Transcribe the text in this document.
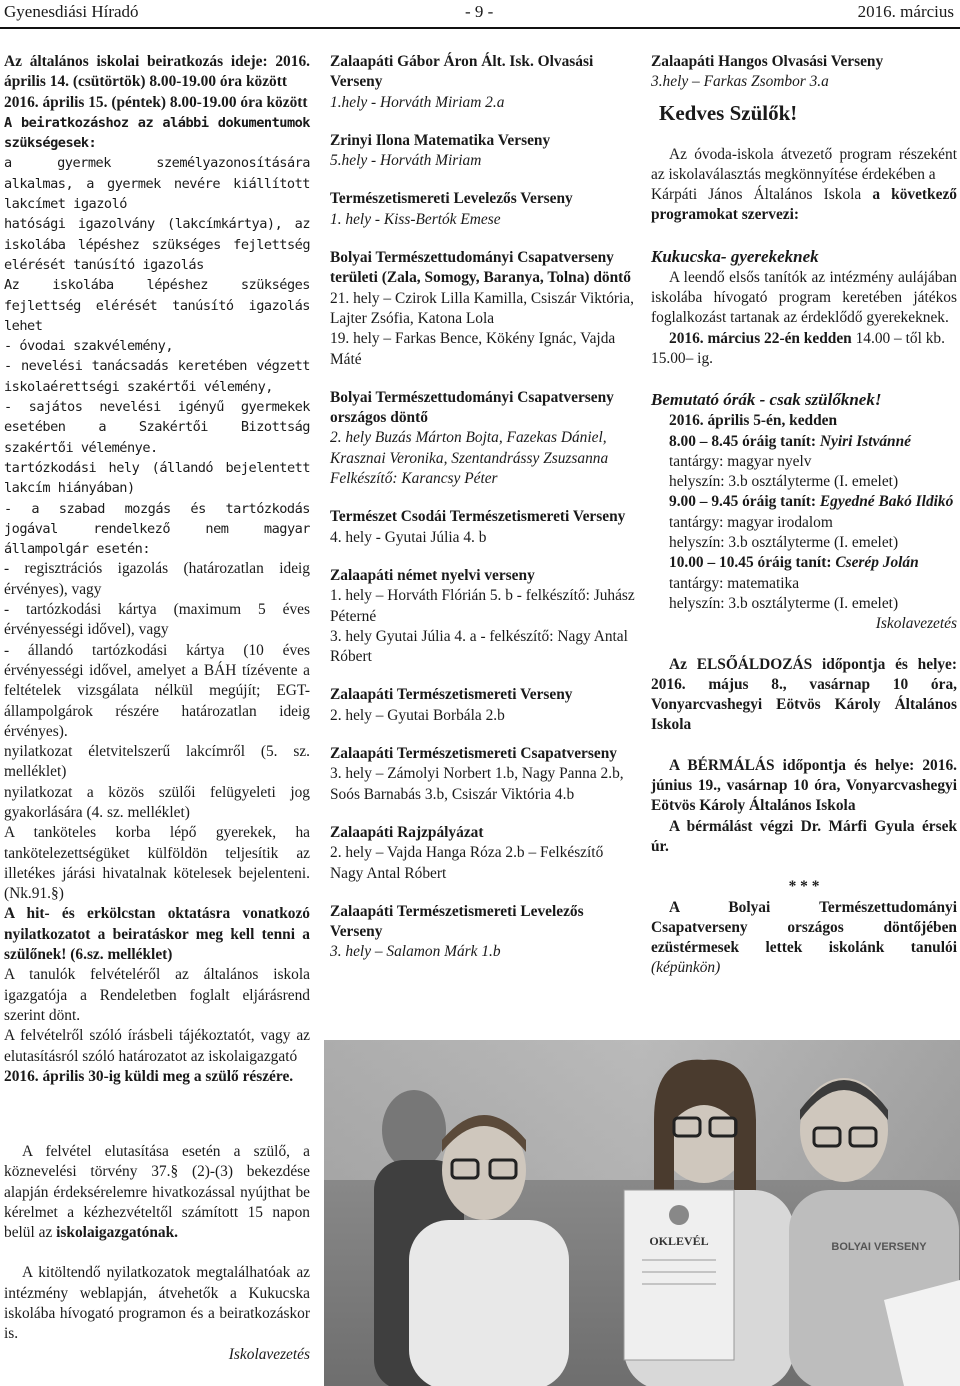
Gyenesdiási Híradó	- 9 -	2016. március

Az általános iskolai beiratkozás ideje: 2016. április 14. (csütörtök) 8.00-19.00 óra között

2016. április 15. (péntek) 8.00-19.00 óra között

A beiratkozáshoz az alábbi dokumentumok szükségesek:

a gyermek személyazonosítására alkalmas, a gyermek nevére kiállított lakcímet igazoló

hatósági igazolvány (lakcímkártya), az iskolába lépéshez szükséges fejlettség elérését tanúsító igazolás

Az iskolába lépéshez szükséges fejlettség elérését tanúsító igazolás lehet

- óvodai szakvélemény,

- nevelési tanácsadás keretében végzett iskolaérettségi szakértői vélemény,

- sajátos nevelési igényű gyermekek esetében a Szakértői Bizottság szakértői véleménye.

tartózkodási hely (állandó bejelentett lakcím hiányában)

- a szabad mozgás és tartózkodás jogával rendelkező nem magyar állampolgár esetén:

- regisztrációs igazolás (határozatlan ideig érvényes), vagy

- tartózkodási kártya (maximum 5 éves érvényességi idővel), vagy

- állandó tartózkodási kártya (10 éves érvényességi idővel, amelyet a BÁH tízévente a feltételek vizsgálata nélkül megújít; EGT-állampolgárok részére határozatlan ideig érvényes).

nyilatkozat életvitelszerű lakcímről (5. sz. melléklet)

nyilatkozat a közös szülői felügyeleti jog gyakorlására (4. sz. melléklet)

A tanköteles korba lépő gyerekek, ha tankötelezettségüket külföldön teljesítik az illetékes járási hivatalnak kötelesek bejelenteni. (Nk.91.§)

A hit- és erkölcstan oktatásra vonatkozó nyilatkozatot a beiratáskor meg kell tenni a szülőnek! (6.sz. melléklet)

A tanulók felvételéről az általános iskola igazgatója a Rendeletben foglalt eljárásrend szerint dönt.

A felvételről szóló írásbeli tájékoztatót, vagy az elutasításról szóló határozatot az iskolaigazgató

2016. április 30-ig küldi meg a szülő részére.

A felvétel elutasítása esetén a szülő, a köznevelési törvény 37.§ (2)-(3) bekezdése alapján érdeksérelemre hivatkozással nyújthat be kérelmet a kézhezvételtől számított 15 napon belül az iskolaigazgatónak.

A kitöltendő nyilatkozatok megtalálhatóak az intézmény weblapján, átvehetők a Kukucska iskolába hívogató programon és a beiratkozáskor is.

Iskolavezetés

Zalaapáti Gábor Áron Ált. Isk. Olvasási Verseny

1.hely - Horváth Miriam 2.a

Zrinyi Ilona Matematika Verseny

5.hely - Horváth Miriam

Természetismereti Levelezős Verseny

1. hely - Kiss-Bertók Emese

Bolyai Természettudományi Csapatverseny területi (Zala, Somogy, Baranya, Tolna) döntő

21. hely – Czirok Lilla Kamilla, Csiszár Viktória, Lajter Zsófia, Katona Lola
19. hely – Farkas Bence, Kökény Ignác, Vajda Máté

Bolyai Természettudományi Csapatverseny országos döntő

2. hely Buzás Márton Bojta, Fazekas Dániel, Krasznai Veronika, Szentandrássy Zsuzsanna
Felkészítő: Karancsy Péter

Természet Csodái Természetismereti Verseny

4. hely - Gyutai Júlia 4. b

Zalaapáti német nyelvi verseny

1. hely – Horváth Flórián 5. b - felkészítő: Juhász Péterné
3. hely Gyutai Júlia 4. a - felkészítő: Nagy Antal Róbert

Zalaapáti Természetismereti Verseny

2. hely – Gyutai Borbála 2.b

Zalaapáti Természetismereti Csapatverseny

3. hely – Zámolyi Norbert 1.b, Nagy Panna 2.b, Soós Barnabás 3.b, Csiszár Viktória 4.b

Zalaapáti Rajzpályázat

2. hely – Vajda Hanga Róza 2.b – Felkészítő Nagy Antal Róbert

Zalaapáti Természetismereti Levelezős Verseny

3. hely – Salamon Márk 1.b

Zalaapáti Hangos Olvasási Verseny

3.hely – Farkas Zsombor 3.a

Kedves Szülők!

Az óvoda-iskola átvezető program részeként az iskolaválasztás megkönnyítése érdekében a
Kárpáti János Általános Iskola a következő programokat szervezi:

Kukucska- gyerekeknek

A leendő elsős tanítók az intézmény aulájában iskolába hívogató program keretében játékos foglalkozást tartanak az érdeklődő gyerekeknek.

2016. március 22-én kedden 14.00 – től kb. 15.00– ig.

Bemutató órák - csak szülőknek!

2016. április 5-én, kedden

8.00 – 8.45 óráig tanít: Nyiri Istvánné

tantárgy: magyar nyelv

helyszín: 3.b osztályterme (I. emelet)

9.00 – 9.45 óráig tanít: Egyedné Bakó Ildikó

tantárgy: magyar irodalom

helyszín: 3.b osztályterme (I. emelet)

10.00 – 10.45 óráig tanít: Cserép Jolán

tantárgy: matematika

helyszín: 3.b osztályterme (I. emelet)

Iskolavezetés

Az ELSŐÁLDOZÁS időpontja és helye: 2016. május 8., vasárnap 10 óra, Vonyarcvashegyi Eötvös Károly Általános Iskola

A BÉRMÁLÁS időpontja és helye: 2016. június 19., vasárnap 10 óra, Vonyarcvashegyi Eötvös Károly Általános Iskola

A bérmálást végzi Dr. Márfi Gyula érsek úr.

* * *

A Bolyai Természettudományi Csapatverseny országos döntőjében ezüstérmesek lettek iskolánk tanulói (képünkön)

OKLEVÉL	BOLYAI VERSENY
